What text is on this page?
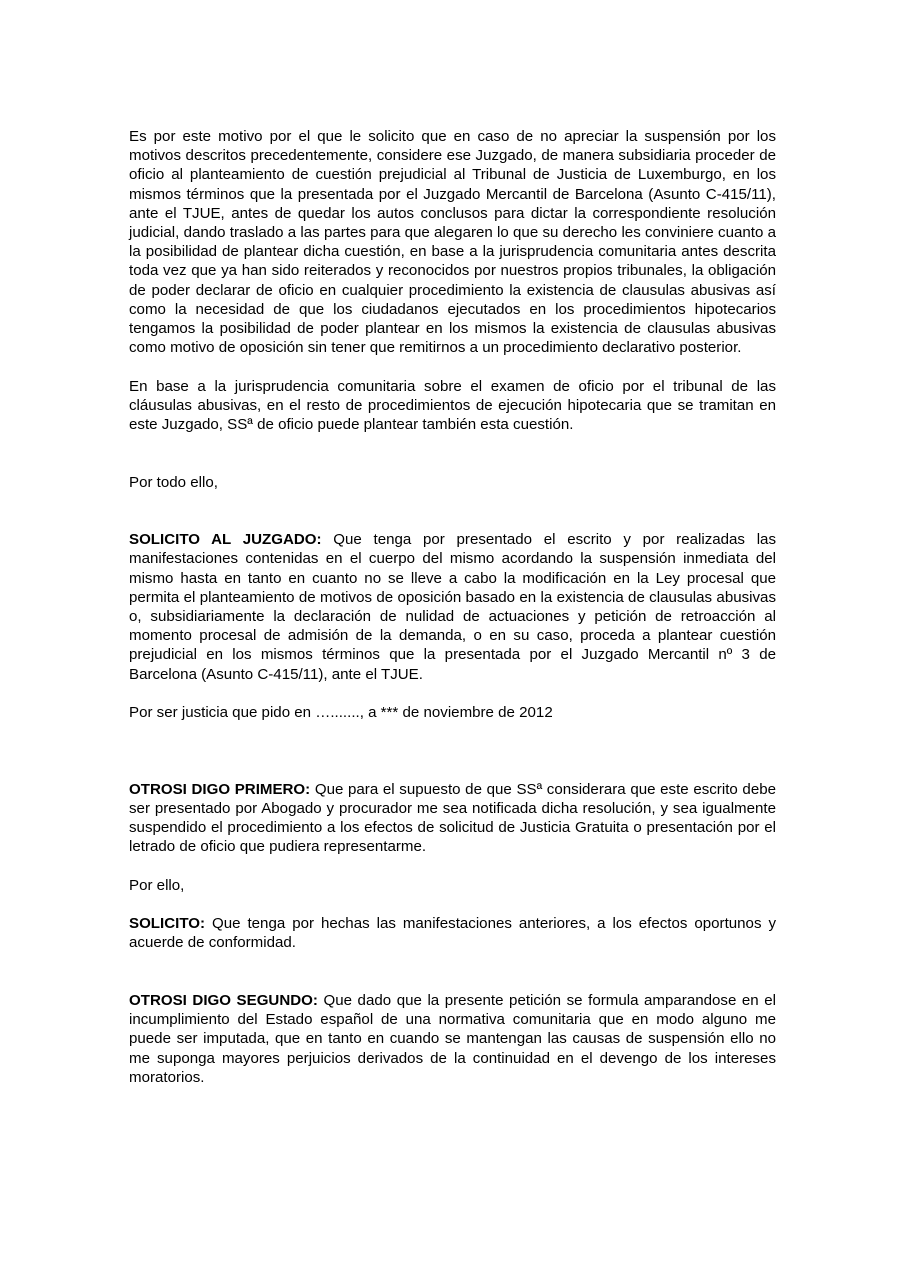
Es por este motivo por el que le solicito que en caso de no apreciar la suspensión por los motivos descritos precedentemente, considere ese Juzgado, de manera subsidiaria proceder de oficio al planteamiento de cuestión prejudicial al Tribunal de Justicia de Luxemburgo, en los mismos términos que la presentada por el Juzgado Mercantil de Barcelona (Asunto C-415/11), ante el TJUE, antes de quedar los autos conclusos para dictar la correspondiente resolución judicial, dando traslado a las partes para que alegaren lo que su derecho les conviniere cuanto a la posibilidad de plantear dicha cuestión, en base a la jurisprudencia comunitaria antes descrita toda vez que ya han sido reiterados y reconocidos por nuestros propios tribunales, la obligación de poder declarar de oficio en cualquier procedimiento la existencia de clausulas abusivas así como la necesidad de que los ciudadanos ejecutados en los procedimientos hipotecarios tengamos la posibilidad de poder plantear en los mismos la existencia de clausulas abusivas como motivo de oposición sin tener que remitirnos a un procedimiento declarativo posterior.

En base a la jurisprudencia comunitaria sobre el examen de oficio por el tribunal de las cláusulas abusivas, en el resto de procedimientos de ejecución hipotecaria que se tramitan en este Juzgado, SSª de oficio puede plantear también esta cuestión.

Por todo ello,

SOLICITO AL JUZGADO: Que tenga por presentado el escrito y por realizadas las manifestaciones contenidas en el cuerpo del mismo acordando la suspensión inmediata del mismo hasta en tanto en cuanto no se lleve a cabo la modificación en la Ley procesal que permita el planteamiento de motivos de oposición basado en la existencia de clausulas abusivas o, subsidiariamente la declaración de nulidad de actuaciones y petición de retroacción al momento procesal de admisión de la demanda, o en su caso, proceda a plantear cuestión prejudicial en los mismos términos que la presentada por el Juzgado Mercantil nº 3 de Barcelona (Asunto C-415/11), ante el TJUE.

Por ser justicia que pido en …......., a *** de noviembre de 2012

OTROSI DIGO PRIMERO: Que para el supuesto de que SSª considerara que este escrito debe ser presentado por Abogado y procurador me sea notificada dicha resolución, y sea igualmente suspendido el procedimiento a los efectos de solicitud de Justicia Gratuita o presentación por el letrado de oficio que pudiera representarme.

Por ello,

SOLICITO: Que tenga por hechas las manifestaciones anteriores, a los efectos oportunos y acuerde de conformidad.

OTROSI DIGO SEGUNDO: Que dado que la presente petición se formula amparandose en el incumplimiento del Estado español de una normativa comunitaria que en modo alguno me puede ser imputada, que en tanto en cuando se mantengan las causas de suspensión ello no me suponga mayores perjuicios derivados de la continuidad en el devengo de los intereses moratorios.
